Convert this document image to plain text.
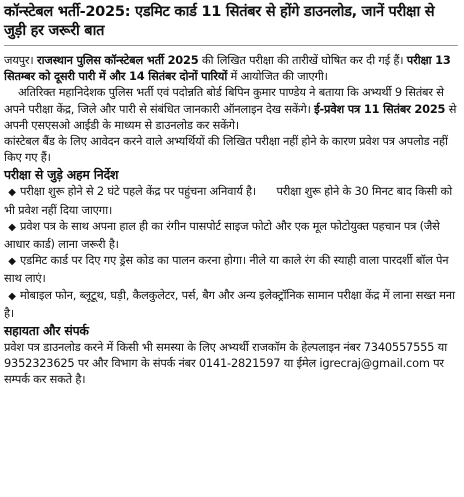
कॉन्स्टेबल भर्ती-2025: एडमिट कार्ड 11 सितंबर से होंगे डाउनलोड, जानें परीक्षा से जुड़ी हर जरूरी बात

जयपुर। राजस्थान पुलिस कॉन्स्टेबल भर्ती 2025 की लिखित परीक्षा की तारीखें घोषित कर दी गई हैं। परीक्षा 13 सितम्बर को दूसरी पारी में और 14 सितंबर दोनों पारियों में आयोजित की जाएगी।

अतिरिक्त महानिदेशक पुलिस भर्ती एवं पदोन्नति बोर्ड बिपिन कुमार पाण्डेय ने बताया कि अभ्यर्थी 9 सितंबर से अपने परीक्षा केंद्र, जिले और पारी से संबंधित जानकारी ऑनलाइन देख सकेंगे। ई-प्रवेश पत्र 11 सितंबर 2025 से अपनी एसएसओ आईडी के माध्यम से डाउनलोड कर सकेंगे।

कांस्टेबल बैंड के लिए आवेदन करने वाले अभ्यर्थियों की लिखित परीक्षा नहीं होने के कारण प्रवेश पत्र अपलोड नहीं किए गए हैं।

परीक्षा से जुड़े अहम निर्देश
◆ परीक्षा शुरू होने से 2 घंटे पहले केंद्र पर पहुंचना अनिवार्य है।      परीक्षा शुरू होने के 30 मिनट बाद किसी को भी प्रवेश नहीं दिया जाएगा।
◆ प्रवेश पत्र के साथ अपना हाल ही का रंगीन पासपोर्ट साइज फोटो और एक मूल फोटोयुक्त पहचान पत्र (जैसे आधार कार्ड) लाना जरूरी है।
◆ एडमिट कार्ड पर दिए गए ड्रेस कोड का पालन करना होगा। नीले या काले रंग की स्याही वाला पारदर्शी बॉल पेन साथ लाएं।
◆ मोबाइल फोन, ब्लूटूथ, घड़ी, कैलकुलेटर, पर्स, बैग और अन्य इलेक्ट्रॉनिक सामान परीक्षा केंद्र में लाना सख्त मना है।
सहायता और संपर्क

प्रवेश पत्र डाउनलोड करने में किसी भी समस्या के लिए अभ्यर्थी राजकॉम के हेल्पलाइन नंबर 7340557555 या 9352323625 पर और विभाग के संपर्क नंबर 0141-2821597 या ईमेल igrecraj@gmail.com पर सम्पर्क कर सकते है।
